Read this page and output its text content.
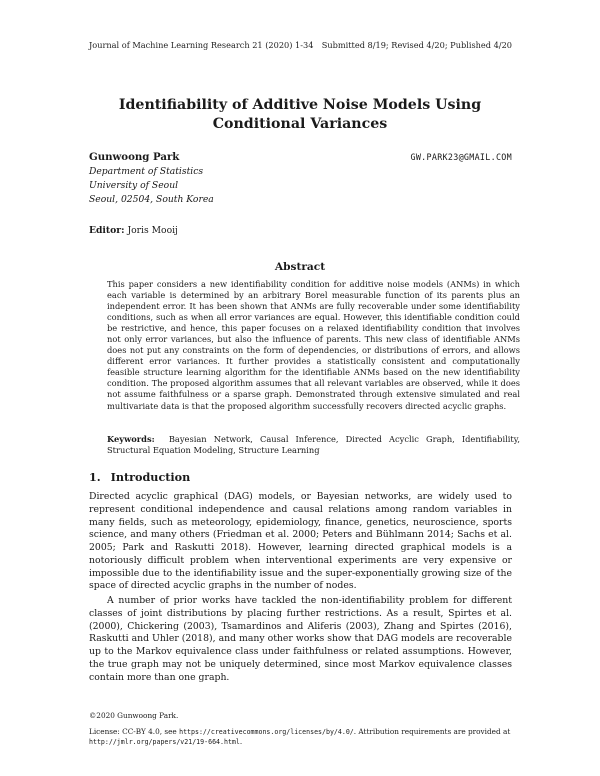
Journal of Machine Learning Research 21 (2020) 1-34 Submitted 8/19; Revised 4/20; Published 4/20
Identifiability of Additive Noise Models Using Conditional Variances
Gunwoong Park	GW.PARK23@GMAIL.COM
Department of Statistics
University of Seoul
Seoul, 02504, South Korea
Editor: Joris Mooij
Abstract
This paper considers a new identifiability condition for additive noise models (ANMs) in which each variable is determined by an arbitrary Borel measurable function of its parents plus an independent error. It has been shown that ANMs are fully recoverable under some identifiability conditions, such as when all error variances are equal. However, this identifiable condition could be restrictive, and hence, this paper focuses on a relaxed identifiability condition that involves not only error variances, but also the influence of parents. This new class of identifiable ANMs does not put any constraints on the form of dependencies, or distributions of errors, and allows different error variances. It further provides a statistically consistent and computationally feasible structure learning algorithm for the identifiable ANMs based on the new identifiability condition. The proposed algorithm assumes that all relevant variables are observed, while it does not assume faithfulness or a sparse graph. Demonstrated through extensive simulated and real multivariate data is that the proposed algorithm successfully recovers directed acyclic graphs.
Keywords: Bayesian Network, Causal Inference, Directed Acyclic Graph, Identifiability, Structural Equation Modeling, Structure Learning
1. Introduction

Directed acyclic graphical (DAG) models, or Bayesian networks, are widely used to represent conditional independence and causal relations among random variables in many fields, such as meteorology, epidemiology, finance, genetics, neuroscience, sports science, and many others (Friedman et al. 2000; Peters and Bühlmann 2014; Sachs et al. 2005; Park and Raskutti 2018). However, learning directed graphical models is a notoriously difficult problem when interventional experiments are very expensive or impossible due to the identifiability issue and the super-exponentially growing size of the space of directed acyclic graphs in the number of nodes.

A number of prior works have tackled the non-identifiability problem for different classes of joint distributions by placing further restrictions. As a result, Spirtes et al. (2000), Chickering (2003), Tsamardinos and Aliferis (2003), Zhang and Spirtes (2016), Raskutti and Uhler (2018), and many other works show that DAG models are recoverable up to the Markov equivalence class under faithfulness or related assumptions. However, the true graph may not be uniquely determined, since most Markov equivalence classes contain more than one graph.

©2020 Gunwoong Park.
License: CC-BY 4.0, see https://creativecommons.org/licenses/by/4.0/. Attribution requirements are provided at http://jmlr.org/papers/v21/19-664.html.
